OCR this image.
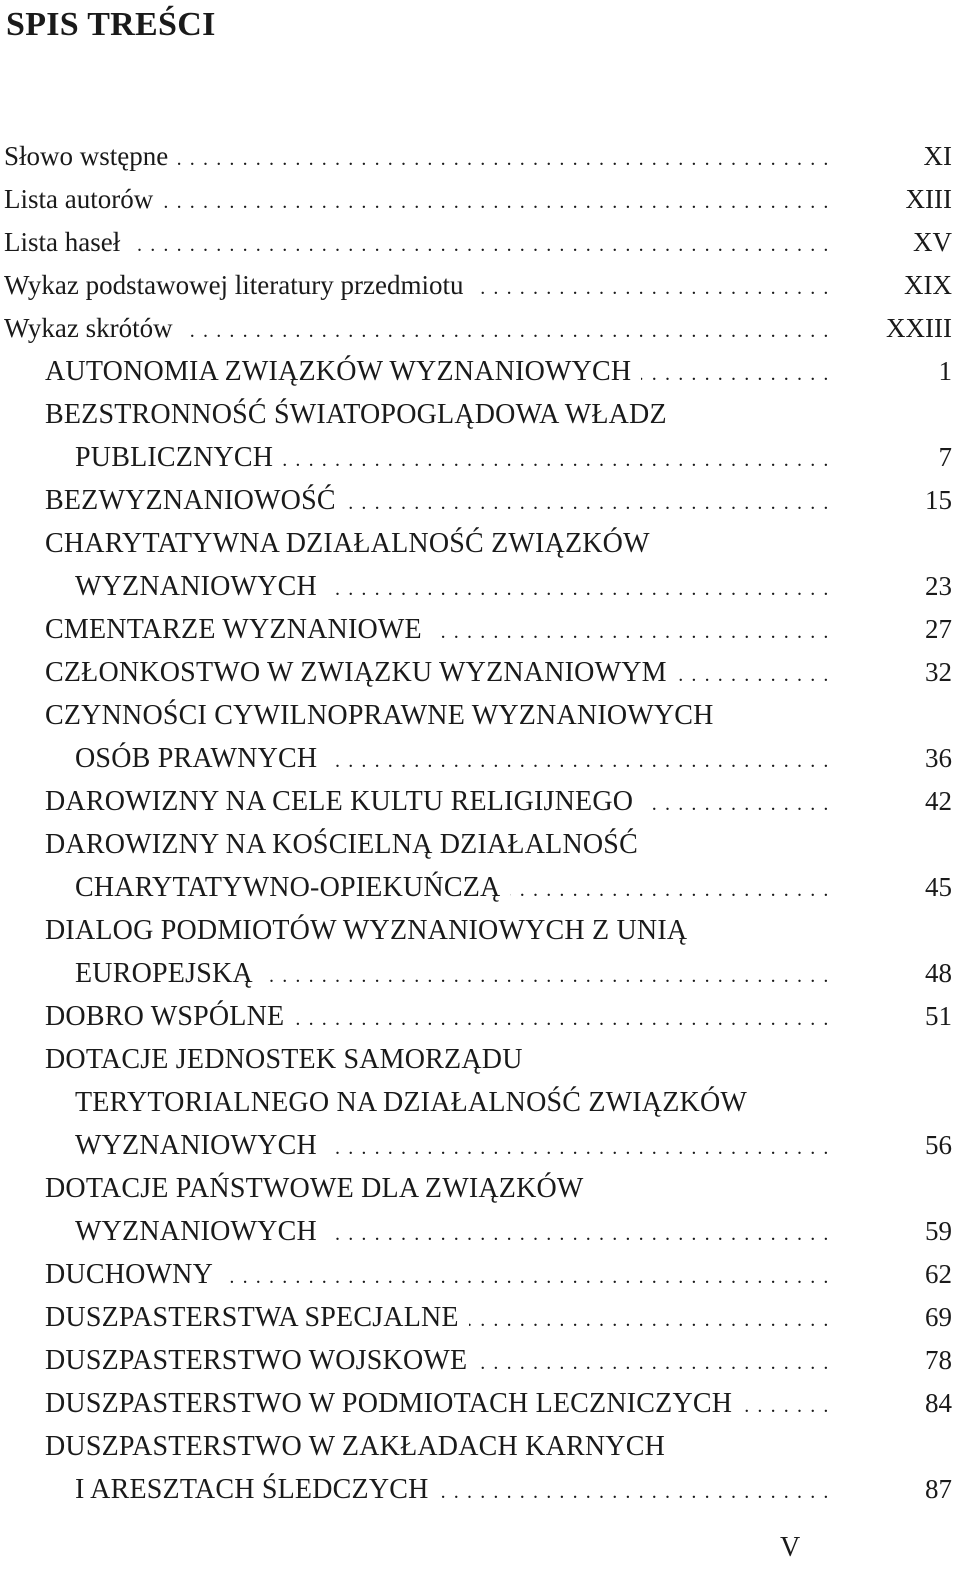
SPIS TREŚCI
Słowo wstępne . . .	XI
Lista autorów . . .	XIII
Lista haseł . . .	XV
Wykaz podstawowej literatury przedmiotu . . .	XIX
Wykaz skrótów . . .	XXIII
AUTONOMIA ZWIĄZKÓW WYZNANIOWYCH . . .	1
BEZSTRONNOŚĆ ŚWIATOPOGLĄDOWA WŁADZ
PUBLICZNYCH . . .	7
BEZWYZNANIOWOŚĆ . . .	15
CHARYTATYWNA DZIAŁALNOŚĆ ZWIĄZKÓW
WYZNANIOWYCH . . .	23
CMENTARZE WYZNANIOWE . . .	27
CZŁONKOSTWO W ZWIĄZKU WYZNANIOWYM . . .	32
CZYNNOŚCI CYWILNOPRAWNE WYZNANIOWYCH
OSÓB PRAWNYCH . . .	36
DAROWIZNY NA CELE KULTU RELIGIJNEGO . . .	42
DAROWIZNY NA KOŚCIELNĄ DZIAŁALNOŚĆ
CHARYTATYWNO-OPIEKUŃCZĄ . . .	45
DIALOG PODMIOTÓW WYZNANIOWYCH Z UNIĄ
EUROPEJSKĄ . . .	48
DOBRO WSPÓLNE . . .	51
DOTACJE JEDNOSTEK SAMORZĄDU
TERYTORIALNEGO NA DZIAŁALNOŚĆ ZWIĄZKÓW
WYZNANIOWYCH . . .	56
DOTACJE PAŃSTWOWE DLA ZWIĄZKÓW
WYZNANIOWYCH . . .	59
DUCHOWNY . . .	62
DUSZPASTERSTWA SPECJALNE . . .	69
DUSZPASTERSTWO WOJSKOWE . . .	78
DUSZPASTERSTWO W PODMIOTACH LECZNICZYCH . . .	84
DUSZPASTERSTWO W ZAKŁADACH KARNYCH
I ARESZTACH ŚLEDCZYCH . . .	87
V
